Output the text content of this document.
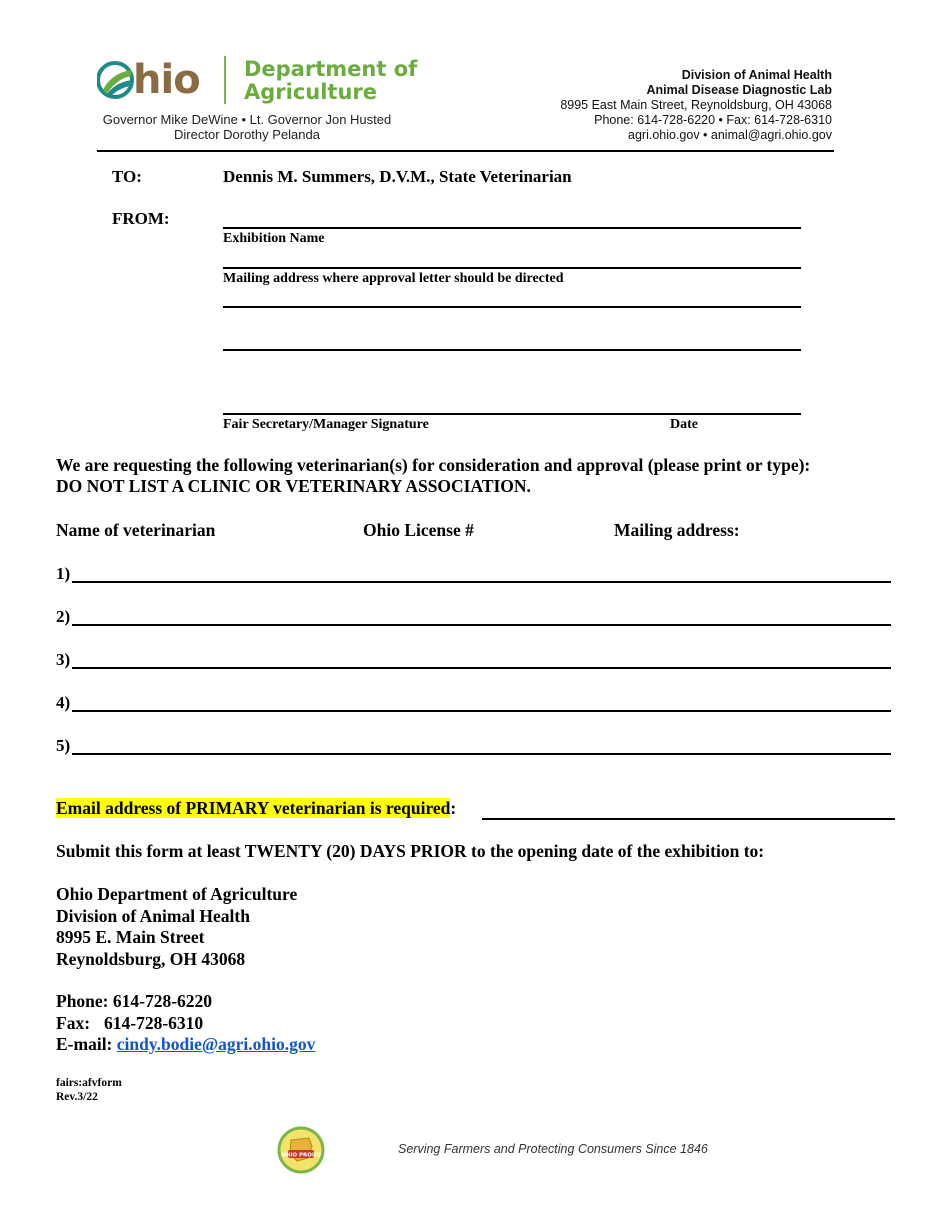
hio Department of
Agriculture
Governor Mike DeWine • Lt. Governor Jon Husted
Director Dorothy Pelanda
Division of Animal Health
Animal Disease Diagnostic Lab
8995 East Main Street, Reynoldsburg, OH 43068
Phone: 614-728-6220 • Fax: 614-728-6310
agri.ohio.gov • animal@agri.ohio.gov
TO:	Dennis M. Summers, D.V.M., State Veterinarian
FROM:
Exhibition Name
Mailing address where approval letter should be directed
Fair Secretary/Manager Signature	Date
We are requesting the following veterinarian(s) for consideration and approval (please print or type):
DO NOT LIST A CLINIC OR VETERINARY ASSOCIATION.
Name of veterinarian	Ohio License #	Mailing address:
1)
2)
3)
4)
5)
Email address of PRIMARY veterinarian is required:
Submit this form at least TWENTY (20) DAYS PRIOR to the opening date of the exhibition to:
Ohio Department of Agriculture
Division of Animal Health
8995 E. Main Street
Reynoldsburg, OH 43068
Phone: 614-728-6220
Fax: 614-728-6310
E-mail: cindy.bodie@agri.ohio.gov
fairs:afvform
Rev.3/22
OHIO PROUD	Serving Farmers and Protecting Consumers Since 1846
